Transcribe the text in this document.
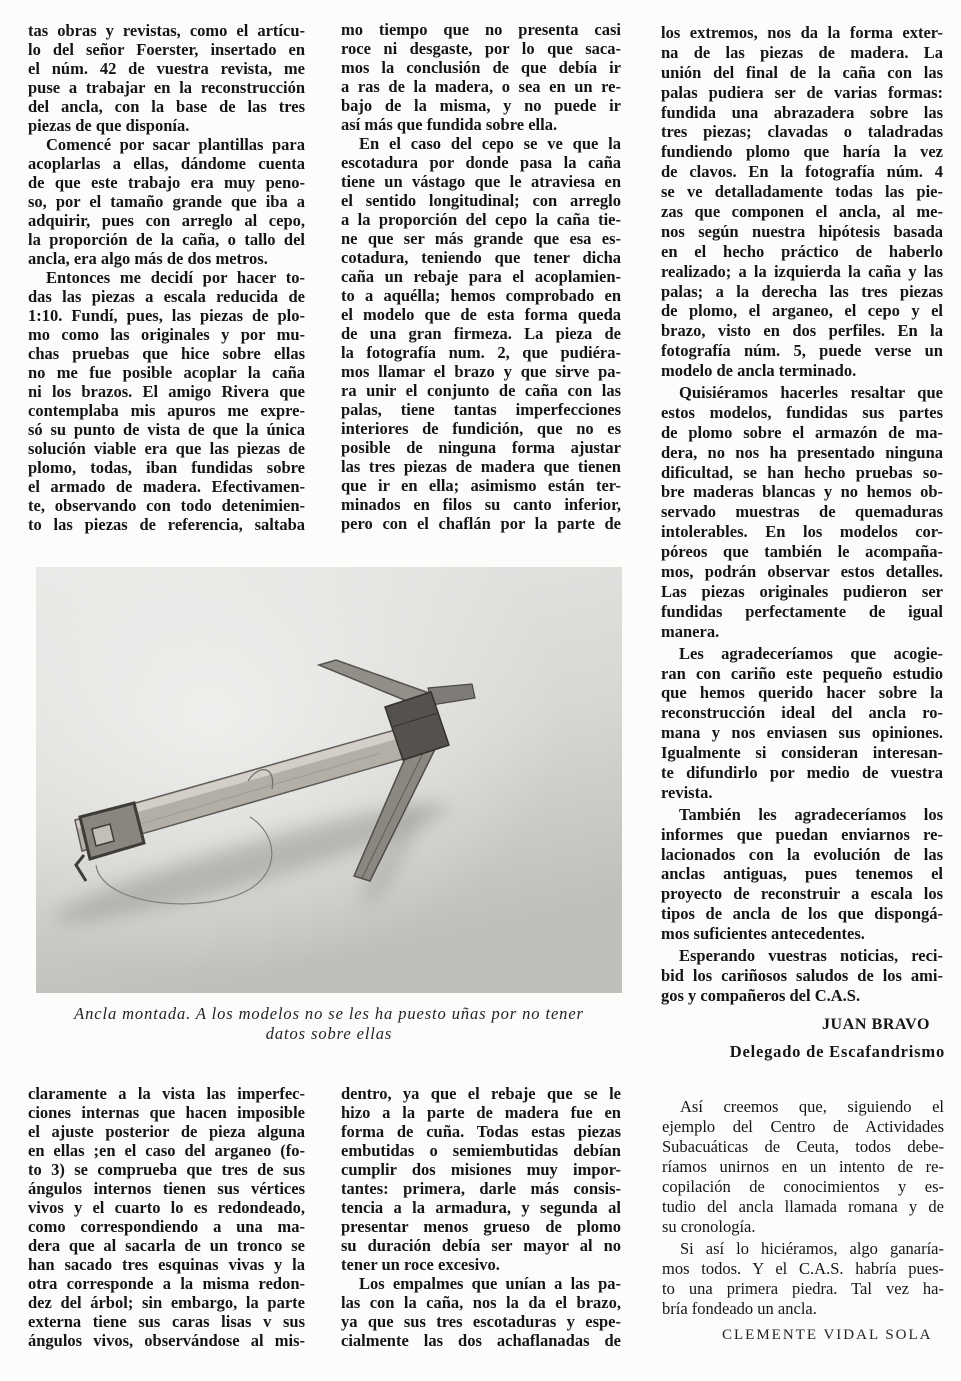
tas obras y revistas, como el artícu-
lo del señor Foerster, insertado en
el núm. 42 de vuestra revista, me
puse a trabajar en la reconstrucción
del ancla, con la base de las tres
piezas de que disponía.
Comencé por sacar plantillas para
acoplarlas a ellas, dándome cuenta
de que este trabajo era muy peno-
so, por el tamaño grande que iba a
adquirir, pues con arreglo al cepo,
la proporción de la caña, o tallo del
ancla, era algo más de dos metros.
Entonces me decidí por hacer to-
das las piezas a escala reducida de
1:10. Fundí, pues, las piezas de plo-
mo como las originales y por mu-
chas pruebas que hice sobre ellas
no me fue posible acoplar la caña
ni los brazos. El amigo Rivera que
contemplaba mis apuros me expre-
só su punto de vista de que la única
solución viable era que las piezas de
plomo, todas, iban fundidas sobre
el armado de madera. Efectivamen-
te, observando con todo detenimien-
to las piezas de referencia, saltaba
mo tiempo que no presenta casi
roce ni desgaste, por lo que saca-
mos la conclusión de que debía ir
a ras de la madera, o sea en un re-
bajo de la misma, y no puede ir
así más que fundida sobre ella.
En el caso del cepo se ve que la
escotadura por donde pasa la caña
tiene un vástago que le atraviesa en
el sentido longitudinal; con arreglo
a la proporción del cepo la caña tie-
ne que ser más grande que esa es-
cotadura, teniendo que tener dicha
caña un rebaje para el acoplamien-
to a aquélla; hemos comprobado en
el modelo que de esta forma queda
de una gran firmeza. La pieza de
la fotografía num. 2, que pudiéra-
mos llamar el brazo y que sirve pa-
ra unir el conjunto de caña con las
palas, tiene tantas imperfecciones
interiores de fundición, que no es
posible de ninguna forma ajustar
las tres piezas de madera que tienen
que ir en ella; asimismo están ter-
minados en filos su canto inferior,
pero con el chaflán por la parte de
los extremos, nos da la forma exter-
na de las piezas de madera. La
unión del final de la caña con las
palas pudiera ser de varias formas:
fundida una abrazadera sobre las
tres piezas; clavadas o taladradas
fundiendo plomo que haría la vez
de clavos. En la fotografía núm. 4
se ve detalladamente todas las pie-
zas que componen el ancla, al me-
nos según nuestra hipótesis basada
en el hecho práctico de haberlo
realizado; a la izquierda la caña y las
palas; a la derecha las tres piezas
de plomo, el arganeo, el cepo y el
brazo, visto en dos perfiles. En la
fotografía núm. 5, puede verse un
modelo de ancla terminado.
Quisiéramos hacerles resaltar que
estos modelos, fundidas sus partes
de plomo sobre el armazón de ma-
dera, no nos ha presentado ninguna
dificultad, se han hecho pruebas so-
bre maderas blancas y no hemos ob-
servado muestras de quemaduras
intolerables. En los modelos cor-
póreos que también le acompaña-
mos, podrán observar estos detalles.
Las piezas originales pudieron ser
fundidas perfectamente de igual
manera.
Les agradeceríamos que acogie-
ran con cariño este pequeño estudio
que hemos querido hacer sobre la
reconstrucción ideal del ancla ro-
mana y nos enviasen sus opiniones.
Igualmente si consideran interesan-
te difundirlo por medio de vuestra
revista.
También les agradeceríamos los
informes que puedan enviarnos re-
lacionados con la evolución de las
anclas antiguas, pues tenemos el
proyecto de reconstruir a escala los
tipos de ancla de los que dispongá-
mos suficientes antecedentes.
Esperando vuestras noticias, reci-
bid los cariñosos saludos de los ami-
gos y compañeros del C.A.S.
Ancla montada. A los modelos no se les ha puesto uñas por no tener
datos sobre ellas
claramente a la vista las imperfec-
ciones internas que hacen imposible
el ajuste posterior de pieza alguna
en ellas ;en el caso del arganeo (fo-
to 3) se comprueba que tres de sus
ángulos internos tienen sus vértices
vivos y el cuarto lo es redondeado,
como correspondiendo a una ma-
dera que al sacarla de un tronco se
han sacado tres esquinas vivas y la
otra corresponde a la misma redon-
dez del árbol; sin embargo, la parte
externa tiene sus caras lisas v sus
ángulos vivos, observándose al mis-
dentro, ya que el rebaje que se le
hizo a la parte de madera fue en
forma de cuña. Todas estas piezas
embutidas o semiembutidas debían
cumplir dos misiones muy impor-
tantes: primera, darle más consis-
tencia a la armadura, y segunda al
presentar menos grueso de plomo
su duración debía ser mayor al no
tener un roce excesivo.
Los empalmes que unían a las pa-
las con la caña, nos la da el brazo,
ya que sus tres escotaduras y espe-
cialmente las dos achaflanadas de
JUAN BRAVO
Delegado de Escafandrismo
Así creemos que, siguiendo el
ejemplo del Centro de Actividades
Subacuáticas de Ceuta, todos debe-
ríamos unirnos en un intento de re-
copilación de conocimientos y es-
tudio del ancla llamada romana y de
su cronología.
Si así lo hiciéramos, algo ganaría-
mos todos. Y el C.A.S. habría pues-
to una primera piedra. Tal vez ha-
bría fondeado un ancla.
CLEMENTE VIDAL SOLA
